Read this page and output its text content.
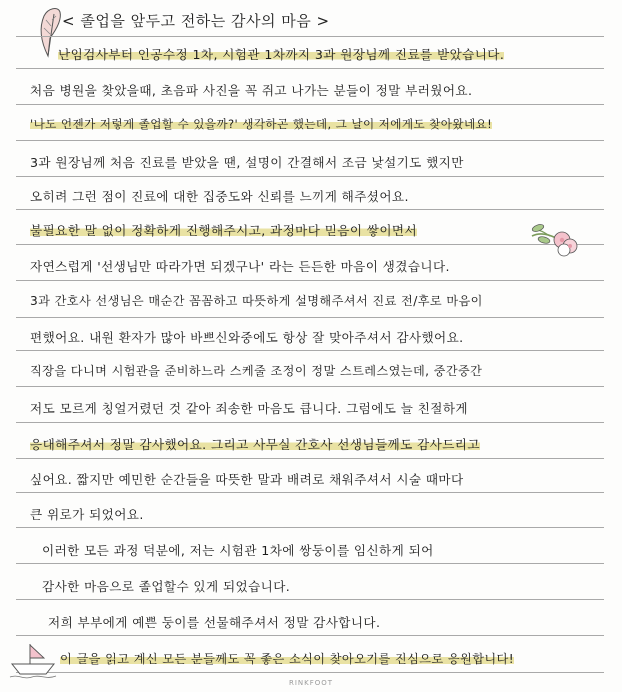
< 졸업을 앞두고 전하는 감사의 마음 >
난임검사부터 인공수정 1차, 시험관 1차까지 3과 원장님께 진료를 받았습니다.
처음 병원을 찾았을때, 초음파 사진을 꼭 쥐고 나가는 분들이 정말 부러웠어요.
'나도 언젠가 저렇게 졸업할 수 있을까?' 생각하곤 했는데, 그 날이 저에게도 찾아왔네요!
3과 원장님께 처음 진료를 받았을 땐, 설명이 간결해서 조금 낯설기도 했지만
오히려 그런 점이 진료에 대한 집중도와 신뢰를 느끼게 해주셨어요.
불필요한 말 없이 정확하게 진행해주시고, 과정마다 믿음이 쌓이면서
자연스럽게 '선생님만 따라가면 되겠구나' 라는 든든한 마음이 생겼습니다.
3과 간호사 선생님은 매순간 꼼꼼하고 따뜻하게 설명해주셔서 진료 전/후로 마음이
편했어요. 내원 환자가 많아 바쁘신와중에도 항상 잘 맞아주셔서 감사했어요.
직장을 다니며 시험관을 준비하느라 스케줄 조정이 정말 스트레스였는데, 중간중간
저도 모르게 칭얼거렸던 것 같아 죄송한 마음도 큽니다. 그럼에도 늘 친절하게
응대해주셔서 정말 감사했어요. 그리고 사무실 간호사 선생님들께도 감사드리고
싶어요. 짧지만 예민한 순간들을 따뜻한 말과 배려로 채워주셔서 시술 때마다
큰 위로가 되었어요.
이러한 모든 과정 덕분에, 저는 시험관 1차에 쌍둥이를 임신하게 되어
감사한 마음으로 졸업할수 있게 되었습니다.
저희 부부에게 예쁜 둥이를 선물해주셔서 정말 감사합니다.
이 글을 읽고 계신 모든 분들께도 꼭 좋은 소식이 찾아오기를 진심으로 응원합니다!
RINKFOOT
